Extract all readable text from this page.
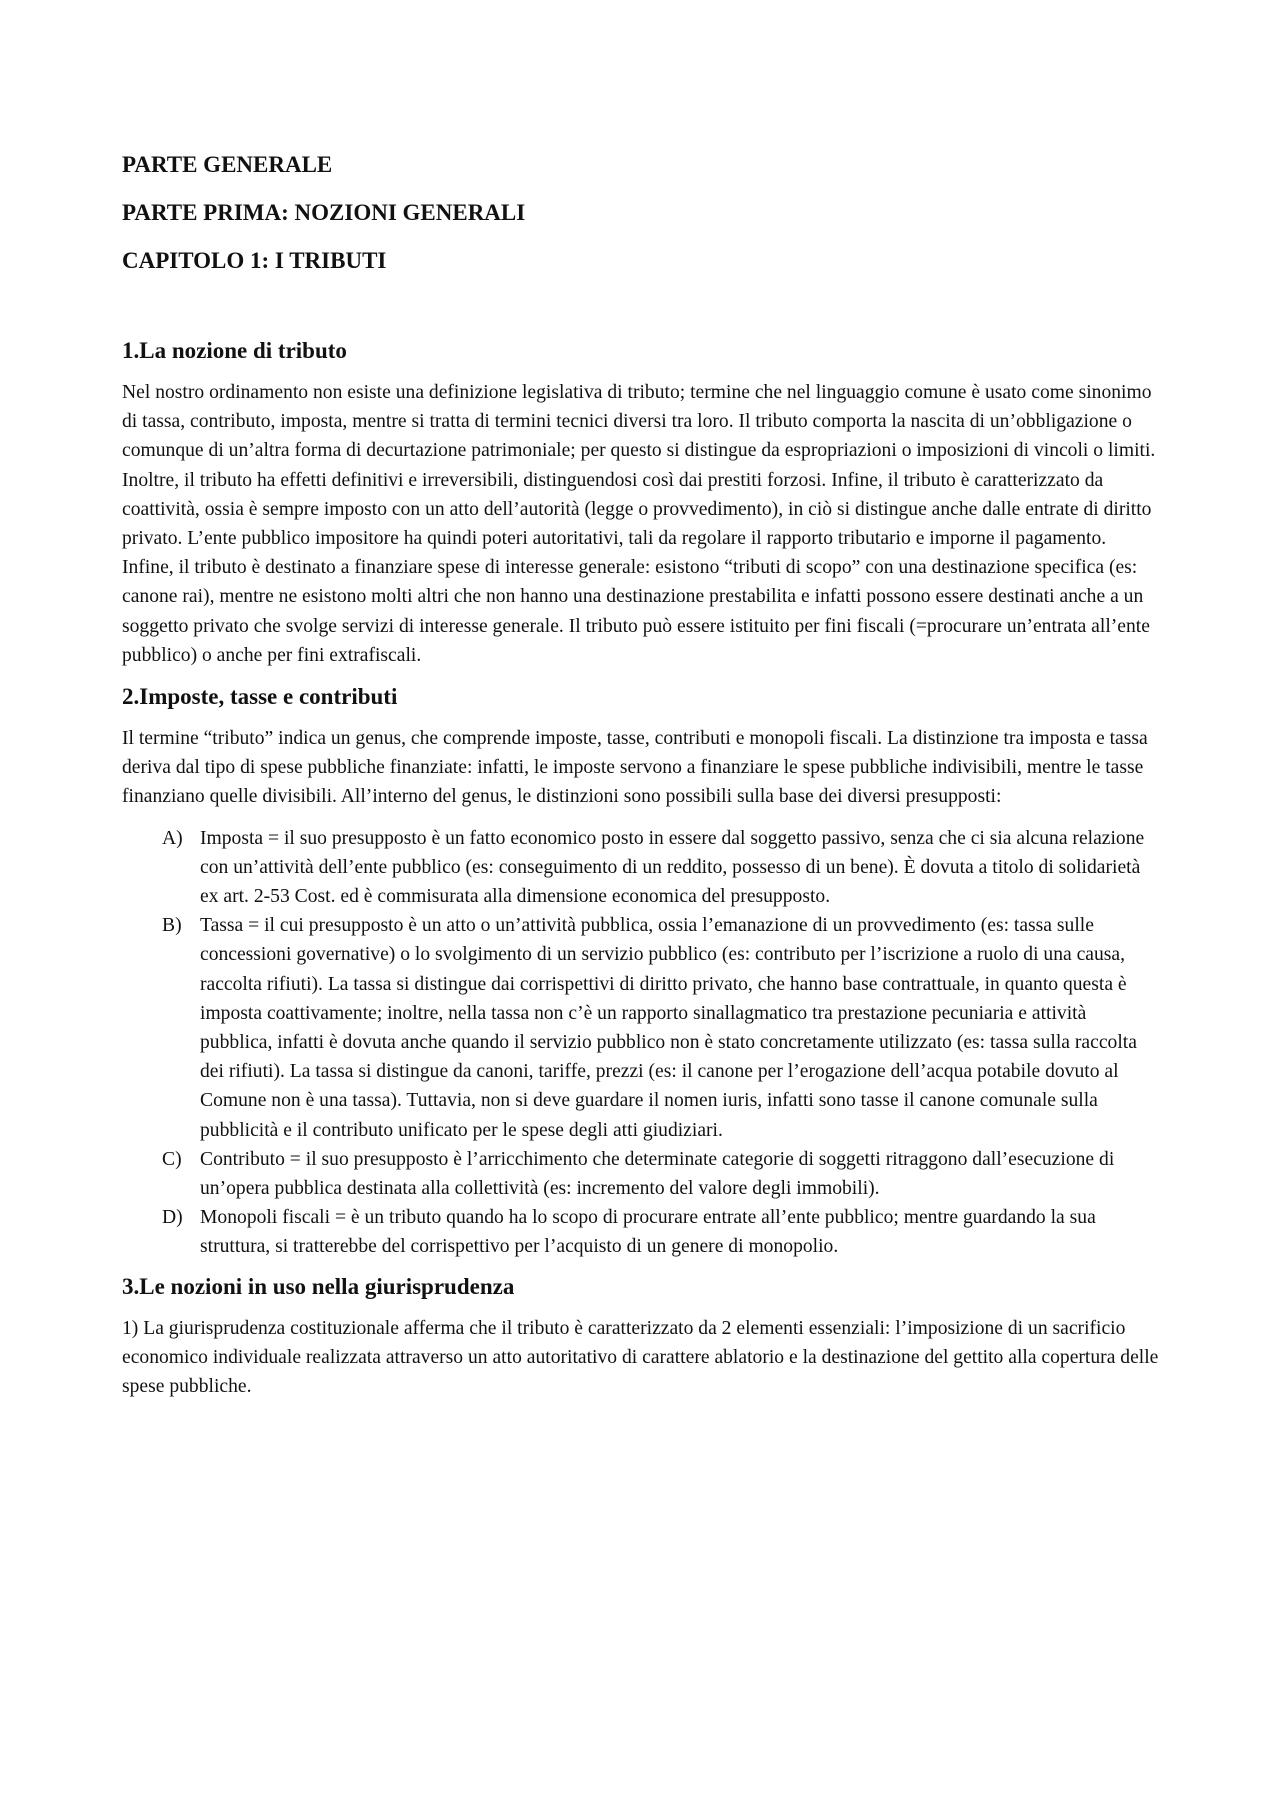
PARTE GENERALE
PARTE PRIMA: NOZIONI GENERALI
CAPITOLO 1: I TRIBUTI
1.La nozione di tributo

Nel nostro ordinamento non esiste una definizione legislativa di tributo; termine che nel linguaggio comune è usato come sinonimo di tassa, contributo, imposta, mentre si tratta di termini tecnici diversi tra loro. Il tributo comporta la nascita di un’obbligazione o comunque di un’altra forma di decurtazione patrimoniale; per questo si distingue da espropriazioni o imposizioni di vincoli o limiti. Inoltre, il tributo ha effetti definitivi e irreversibili, distinguendosi così dai prestiti forzosi. Infine, il tributo è caratterizzato da coattività, ossia è sempre imposto con un atto dell’autorità (legge o provvedimento), in ciò si distingue anche dalle entrate di diritto privato. L’ente pubblico impositore ha quindi poteri autoritativi, tali da regolare il rapporto tributario e imporne il pagamento. Infine, il tributo è destinato a finanziare spese di interesse generale: esistono “tributi di scopo” con una destinazione specifica (es: canone rai), mentre ne esistono molti altri che non hanno una destinazione prestabilita e infatti possono essere destinati anche a un soggetto privato che svolge servizi di interesse generale. Il tributo può essere istituito per fini fiscali (=procurare un’entrata all’ente pubblico) o anche per fini extrafiscali.

2.Imposte, tasse e contributi

Il termine “tributo” indica un genus, che comprende imposte, tasse, contributi e monopoli fiscali. La distinzione tra imposta e tassa deriva dal tipo di spese pubbliche finanziate: infatti, le imposte servono a finanziare le spese pubbliche indivisibili, mentre le tasse finanziano quelle divisibili. All’interno del genus, le distinzioni sono possibili sulla base dei diversi presupposti:

A) Imposta = il suo presupposto è un fatto economico posto in essere dal soggetto passivo, senza che ci sia alcuna relazione con un’attività dell’ente pubblico (es: conseguimento di un reddito, possesso di un bene). È dovuta a titolo di solidarietà ex art. 2-53 Cost. ed è commisurata alla dimensione economica del presupposto.
B) Tassa = il cui presupposto è un atto o un’attività pubblica, ossia l’emanazione di un provvedimento (es: tassa sulle concessioni governative) o lo svolgimento di un servizio pubblico (es: contributo per l’iscrizione a ruolo di una causa, raccolta rifiuti). La tassa si distingue dai corrispettivi di diritto privato, che hanno base contrattuale, in quanto questa è imposta coattivamente; inoltre, nella tassa non c’è un rapporto sinallagmatico tra prestazione pecuniaria e attività pubblica, infatti è dovuta anche quando il servizio pubblico non è stato concretamente utilizzato (es: tassa sulla raccolta dei rifiuti). La tassa si distingue da canoni, tariffe, prezzi (es: il canone per l’erogazione dell’acqua potabile dovuto al Comune non è una tassa). Tuttavia, non si deve guardare il nomen iuris, infatti sono tasse il canone comunale sulla pubblicità e il contributo unificato per le spese degli atti giudiziari.
C) Contributo = il suo presupposto è l’arricchimento che determinate categorie di soggetti ritraggono dall’esecuzione di un’opera pubblica destinata alla collettività (es: incremento del valore degli immobili).
D) Monopoli fiscali = è un tributo quando ha lo scopo di procurare entrate all’ente pubblico; mentre guardando la sua struttura, si tratterebbe del corrispettivo per l’acquisto di un genere di monopolio.
3.Le nozioni in uso nella giurisprudenza

1) La giurisprudenza costituzionale afferma che il tributo è caratterizzato da 2 elementi essenziali: l’imposizione di un sacrificio economico individuale realizzata attraverso un atto autoritativo di carattere ablatorio e la destinazione del gettito alla copertura delle spese pubbliche.
